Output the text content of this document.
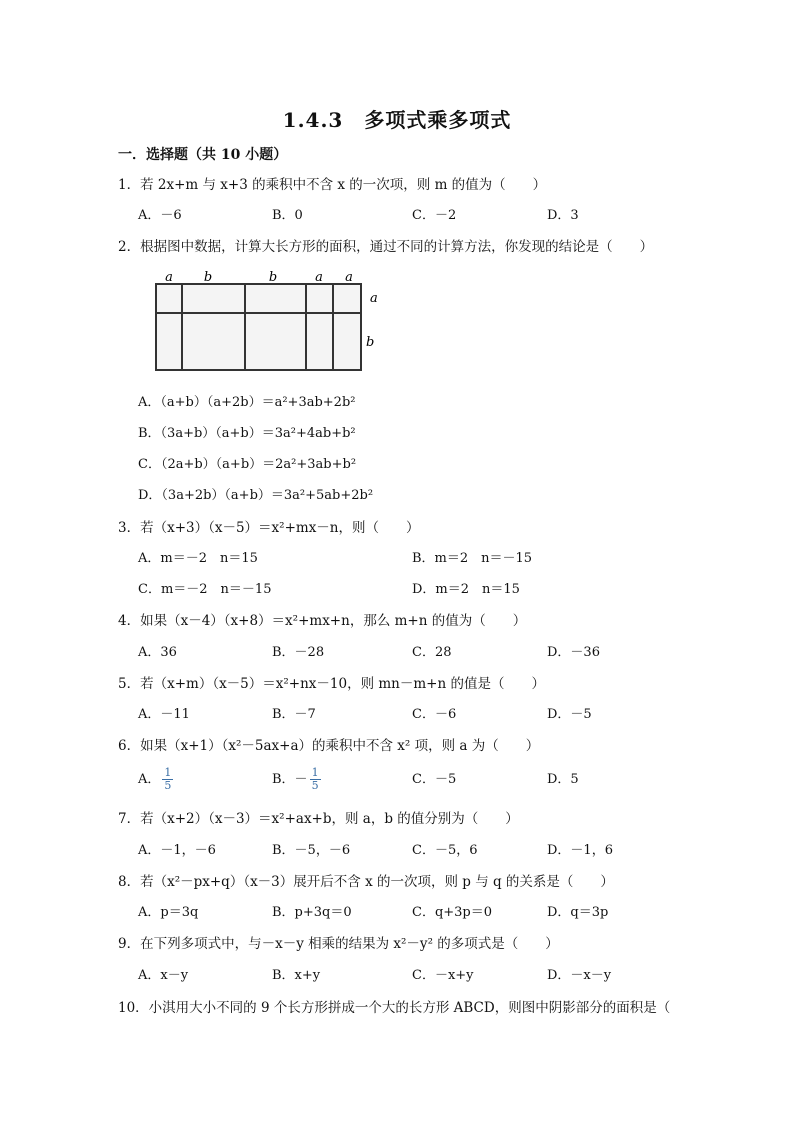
1.4.3　多项式乘多项式
一．选择题（共 10 小题）
1．若 2x+m 与 x+3 的乘积中不含 x 的一次项，则 m 的值为（　　）
A．－6	B．0	C．－2	D．3
2．根据图中数据，计算大长方形的面积，通过不同的计算方法，你发现的结论是（　　）
a b	b	a a
a
b
A．（a+b）（a+2b）＝a²+3ab+2b²
B．（3a+b）（a+b）＝3a²+4ab+b²
C．（2a+b）（a+b）＝2a²+3ab+b²
D．（3a+2b）（a+b）＝3a²+5ab+2b²
3．若（x+3）（x－5）＝x²+mx－n，则（　　）
A．m＝－2　n＝15	B．m＝2　n＝－15
C．m＝－2　n＝－15	D．m＝2　n＝15
4．如果（x－4）（x+8）＝x²+mx+n，那么 m+n 的值为（　　）
A．36	B．－28	C．28	D．－36
5．若（x+m）（x－5）＝x²+nx－10，则 mn－m+n 的值是（　　）
A．－11	B．－7	C．－6	D．－5
6．如果（x+1）（x²－5ax+a）的乘积中不含 x² 项，则 a 为（　　）
A． $\frac{1}{5}$	B．－ $\frac{1}{5}$	C．－5	D．5
7．若（x+2）（x－3）＝x²+ax+b，则 a，b 的值分别为（　　）
A．－1，－6	B．－5，－6	C．－5，6	D．－1，6
8．若（x²－px+q）（x－3）展开后不含 x 的一次项，则 p 与 q 的关系是（　　）
A．p＝3q	B．p+3q＝0	C．q+3p＝0	D．q＝3p
9．在下列多项式中，与－x－y 相乘的结果为 x²－y² 的多项式是（　　）
A．x－y	B．x+y	C．－x+y	D．－x－y
10．小淇用大小不同的 9 个长方形拼成一个大的长方形 ABCD，则图中阴影部分的面积是（
